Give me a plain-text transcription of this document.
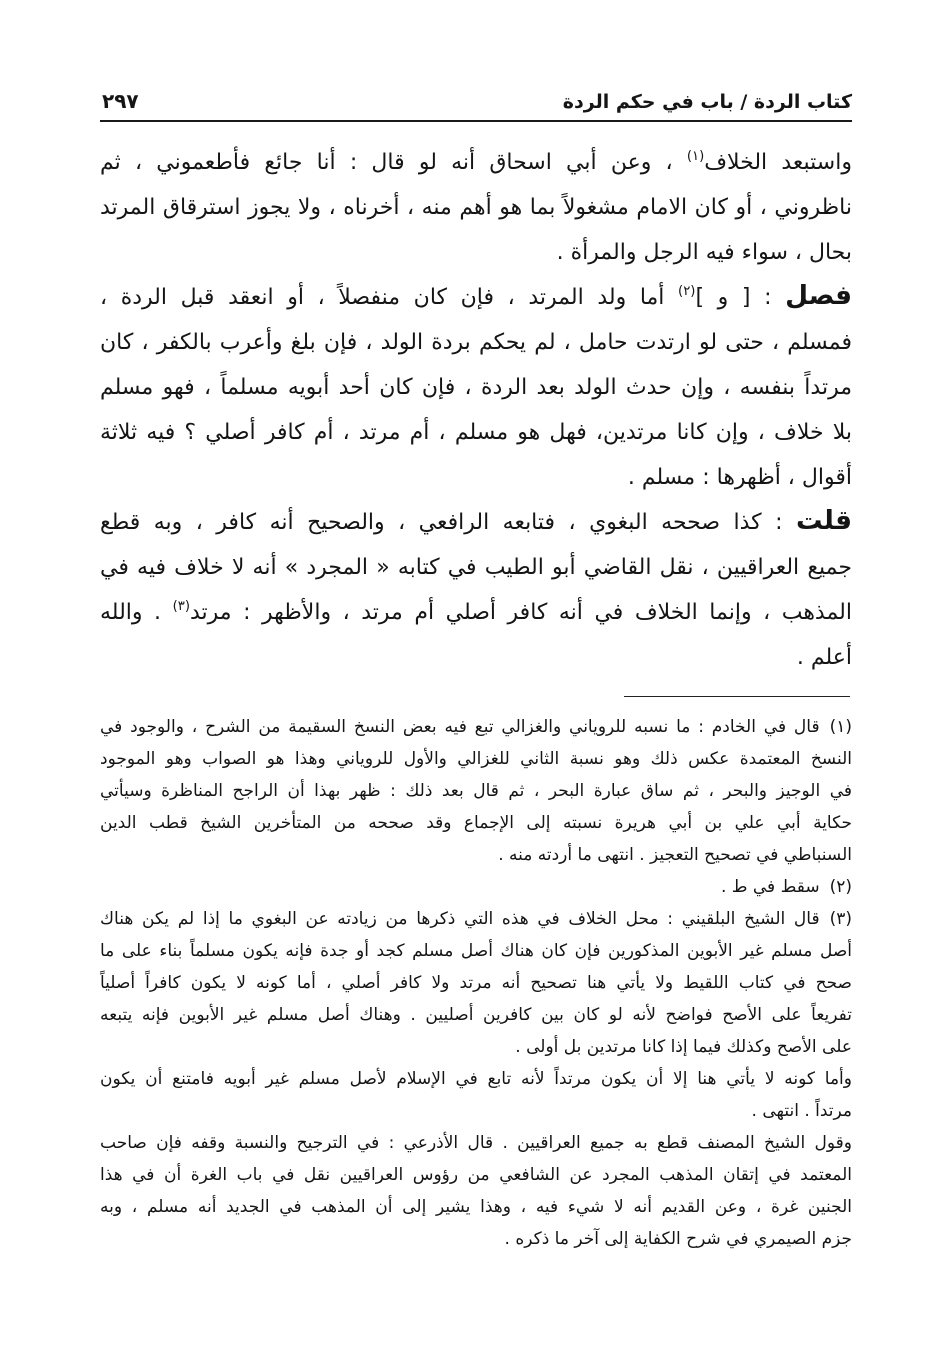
كتاب الردة / باب في حكم الردة
٢٩٧
واستبعد الخلاف$^{(١)}$ ، وعن أبي اسحاق أنه لو قال : أنا جائع فأطعموني ، ثم
ناظروني ، أو كان الامام مشغولاً بما هو أهم منه ، أخرناه ، ولا يجوز استرقاق المرتد
بحال ، سواء فيه الرجل والمرأة .
فصل : [ و ]$^{(٢)}$ أما ولد المرتد ، فإن كان منفصلاً ، أو انعقد قبل الردة ،
فمسلم ، حتى لو ارتدت حامل ، لم يحكم بردة الولد ، فإن بلغ وأعرب بالكفر ، كان
مرتداً بنفسه ، وإن حدث الولد بعد الردة ، فإن كان أحد أبويه مسلماً ، فهو مسلم
بلا خلاف ، وإن كانا مرتدين، فهل هو مسلم ، أم مرتد ، أم كافر أصلي ؟ فيه ثلاثة
أقوال ، أظهرها : مسلم .
قلت : كذا صححه البغوي ، فتابعه الرافعي ، والصحيح أنه كافر ، وبه قطع
جميع العراقيين ، نقل القاضي أبو الطيب في كتابه « المجرد » أنه لا خلاف فيه في
المذهب ، وإنما الخلاف في أنه كافر أصلي أم مرتد ، والأظهر : مرتد$^{(٣)}$ . والله
أعلم .
(١)قال في الخادم : ما نسبه للروياني والغزالي تبع فيه بعض النسخ السقيمة من الشرح ، والوجود في
النسخ المعتمدة عكس ذلك وهو نسبة الثاني للغزالي والأول للروياني وهذا هو الصواب وهو الموجود
في الوجيز والبحر ، ثم ساق عبارة البحر ، ثم قال بعد ذلك : ظهر بهذا أن الراجح المناظرة وسيأتي
حكاية أبي علي بن أبي هريرة نسبته إلى الإجماع وقد صححه من المتأخرين الشيخ قطب الدين
السنباطي في تصحيح التعجيز . انتهى ما أردته منه .
(٢)سقط في ط .
(٣)قال الشيخ البلقيني : محل الخلاف في هذه التي ذكرها من زيادته عن البغوي ما إذا لم يكن هناك
أصل مسلم غير الأبوين المذكورين فإن كان هناك أصل مسلم كجد أو جدة فإنه يكون مسلماً بناء على ما
صحح في كتاب اللقيط ولا يأتي هنا تصحيح أنه مرتد ولا كافر أصلي ، أما كونه لا يكون كافراً أصلياً
تفريعاً على الأصح فواضح لأنه لو كان بين كافرين أصليين . وهناك أصل مسلم غير الأبوين فإنه يتبعه
على الأصح وكذلك فيما إذا كانا مرتدين بل أولى .
وأما كونه لا يأتي هنا إلا أن يكون مرتداً لأنه تابع في الإسلام لأصل مسلم غير أبويه فامتنع أن يكون
مرتداً . انتهى .
وقول الشيخ المصنف قطع به جميع العراقيين . قال الأذرعي : في الترجيح والنسبة وقفه فإن صاحب
المعتمد في إتقان المذهب المجرد عن الشافعي من رؤوس العراقيين نقل في باب الغرة أن في هذا
الجنين غرة ، وعن القديم أنه لا شيء فيه ، وهذا يشير إلى أن المذهب في الجديد أنه مسلم ، وبه
جزم الصيمري في شرح الكفاية إلى آخر ما ذكره .
